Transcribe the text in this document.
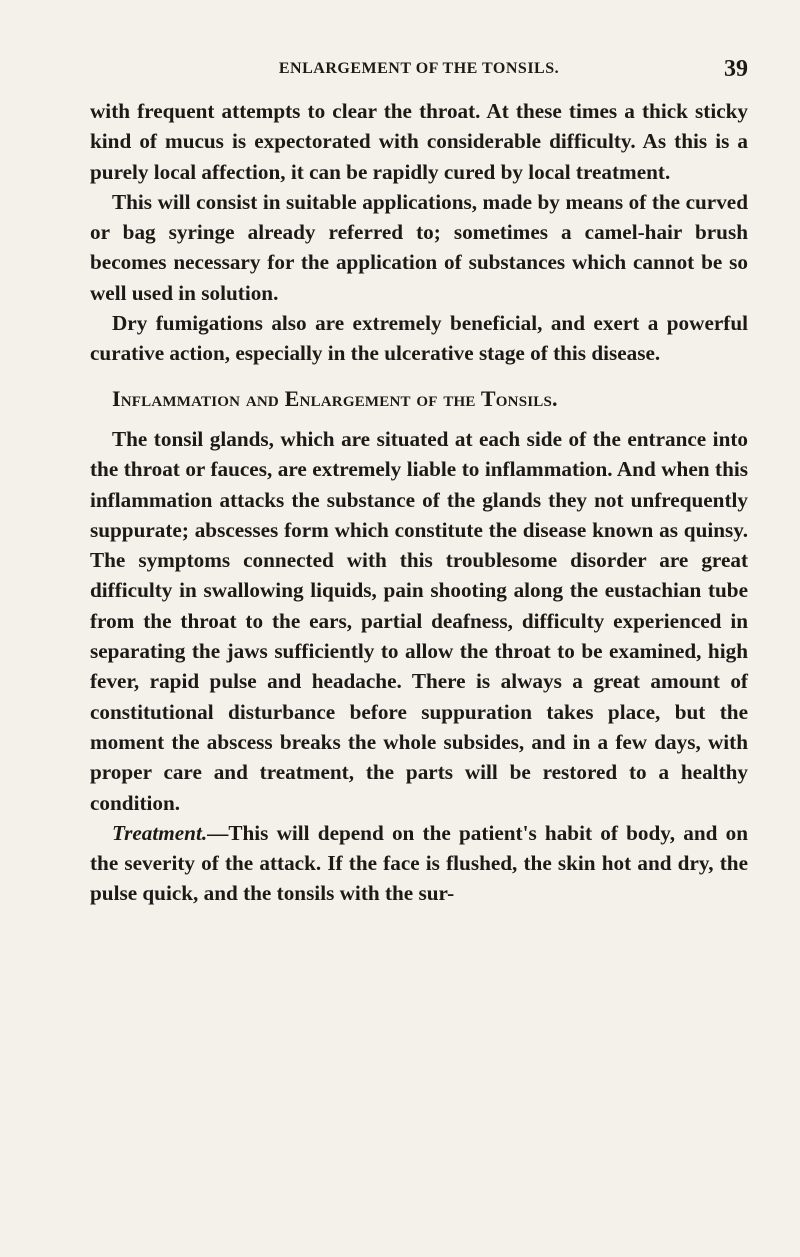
ENLARGEMENT OF THE TONSILS.	39

with frequent attempts to clear the throat. At these times a thick sticky kind of mucus is expectorated with considerable difficulty. As this is a purely local affection, it can be rapidly cured by local treatment.

This will consist in suitable applications, made by means of the curved or bag syringe already referred to; sometimes a camel-hair brush becomes necessary for the application of substances which cannot be so well used in solution.

Dry fumigations also are extremely beneficial, and exert a powerful curative action, especially in the ulcerative stage of this disease.

Inflammation and Enlargement of the Tonsils.

The tonsil glands, which are situated at each side of the entrance into the throat or fauces, are extremely liable to inflammation. And when this inflammation attacks the substance of the glands they not unfrequently suppurate; abscesses form which constitute the disease known as quinsy. The symptoms connected with this troublesome disorder are great difficulty in swallowing liquids, pain shooting along the eustachian tube from the throat to the ears, partial deafness, difficulty experienced in separating the jaws sufficiently to allow the throat to be examined, high fever, rapid pulse and headache. There is always a great amount of constitutional disturbance before suppuration takes place, but the moment the abscess breaks the whole subsides, and in a few days, with proper care and treatment, the parts will be restored to a healthy condition.

Treatment.—This will depend on the patient's habit of body, and on the severity of the attack. If the face is flushed, the skin hot and dry, the pulse quick, and the tonsils with the sur-
